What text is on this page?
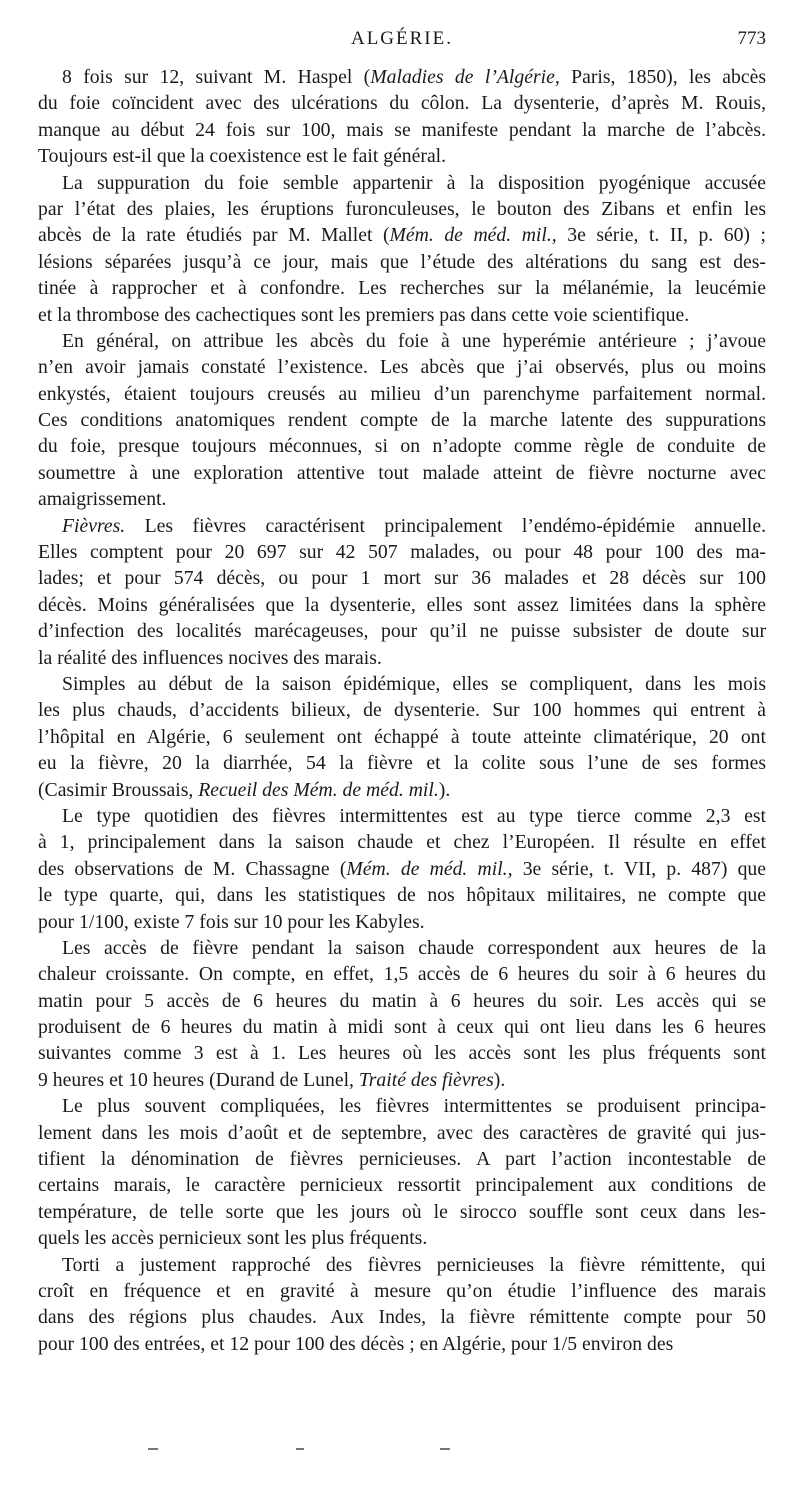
ALGÉRIE.	773
8 fois sur 12, suivant M. Haspel (Maladies de l’Algérie, Paris, 1850), les abcès
du foie coïncident avec des ulcérations du côlon. La dysenterie, d’après M. Rouis,
manque au début 24 fois sur 100, mais se manifeste pendant la marche de l’abcès.
Toujours est-il que la coexistence est le fait général.
La suppuration du foie semble appartenir à la disposition pyogénique accusée
par l’état des plaies, les éruptions furonculeuses, le bouton des Zibans et enfin les
abcès de la rate étudiés par M. Mallet (Mém. de méd. mil., 3e série, t. II, p. 60) ;
lésions séparées jusqu’à ce jour, mais que l’étude des altérations du sang est des-
tinée à rapprocher et à confondre. Les recherches sur la mélanémie, la leucémie
et la thrombose des cachectiques sont les premiers pas dans cette voie scientifique.
En général, on attribue les abcès du foie à une hyperémie antérieure ; j’avoue
n’en avoir jamais constaté l’existence. Les abcès que j’ai observés, plus ou moins
enkystés, étaient toujours creusés au milieu d’un parenchyme parfaitement normal.
Ces conditions anatomiques rendent compte de la marche latente des suppurations
du foie, presque toujours méconnues, si on n’adopte comme règle de conduite de
soumettre à une exploration attentive tout malade atteint de fièvre nocturne avec
amaigrissement.
Fièvres. Les fièvres caractérisent principalement l’endémo-épidémie annuelle.
Elles comptent pour 20 697 sur 42 507 malades, ou pour 48 pour 100 des ma-
lades; et pour 574 décès, ou pour 1 mort sur 36 malades et 28 décès sur 100
décès. Moins généralisées que la dysenterie, elles sont assez limitées dans la sphère
d’infection des localités marécageuses, pour qu’il ne puisse subsister de doute sur
la réalité des influences nocives des marais.
Simples au début de la saison épidémique, elles se compliquent, dans les mois
les plus chauds, d’accidents bilieux, de dysenterie. Sur 100 hommes qui entrent à
l’hôpital en Algérie, 6 seulement ont échappé à toute atteinte climatérique, 20 ont
eu la fièvre, 20 la diarrhée, 54 la fièvre et la colite sous l’une de ses formes
(Casimir Broussais, Recueil des Mém. de méd. mil.).
Le type quotidien des fièvres intermittentes est au type tierce comme 2,3 est
à 1, principalement dans la saison chaude et chez l’Européen. Il résulte en effet
des observations de M. Chassagne (Mém. de méd. mil., 3e série, t. VII, p. 487) que
le type quarte, qui, dans les statistiques de nos hôpitaux militaires, ne compte que
pour 1/100, existe 7 fois sur 10 pour les Kabyles.
Les accès de fièvre pendant la saison chaude correspondent aux heures de la
chaleur croissante. On compte, en effet, 1,5 accès de 6 heures du soir à 6 heures du
matin pour 5 accès de 6 heures du matin à 6 heures du soir. Les accès qui se
produisent de 6 heures du matin à midi sont à ceux qui ont lieu dans les 6 heures
suivantes comme 3 est à 1. Les heures où les accès sont les plus fréquents sont
9 heures et 10 heures (Durand de Lunel, Traité des fièvres).
Le plus souvent compliquées, les fièvres intermittentes se produisent principa-
lement dans les mois d’août et de septembre, avec des caractères de gravité qui jus-
tifient la dénomination de fièvres pernicieuses. A part l’action incontestable de
certains marais, le caractère pernicieux ressortit principalement aux conditions de
température, de telle sorte que les jours où le sirocco souffle sont ceux dans les-
quels les accès pernicieux sont les plus fréquents.
Torti a justement rapproché des fièvres pernicieuses la fièvre rémittente, qui
croît en fréquence et en gravité à mesure qu’on étudie l’influence des marais
dans des régions plus chaudes. Aux Indes, la fièvre rémittente compte pour 50
pour 100 des entrées, et 12 pour 100 des décès ; en Algérie, pour 1/5 environ des
